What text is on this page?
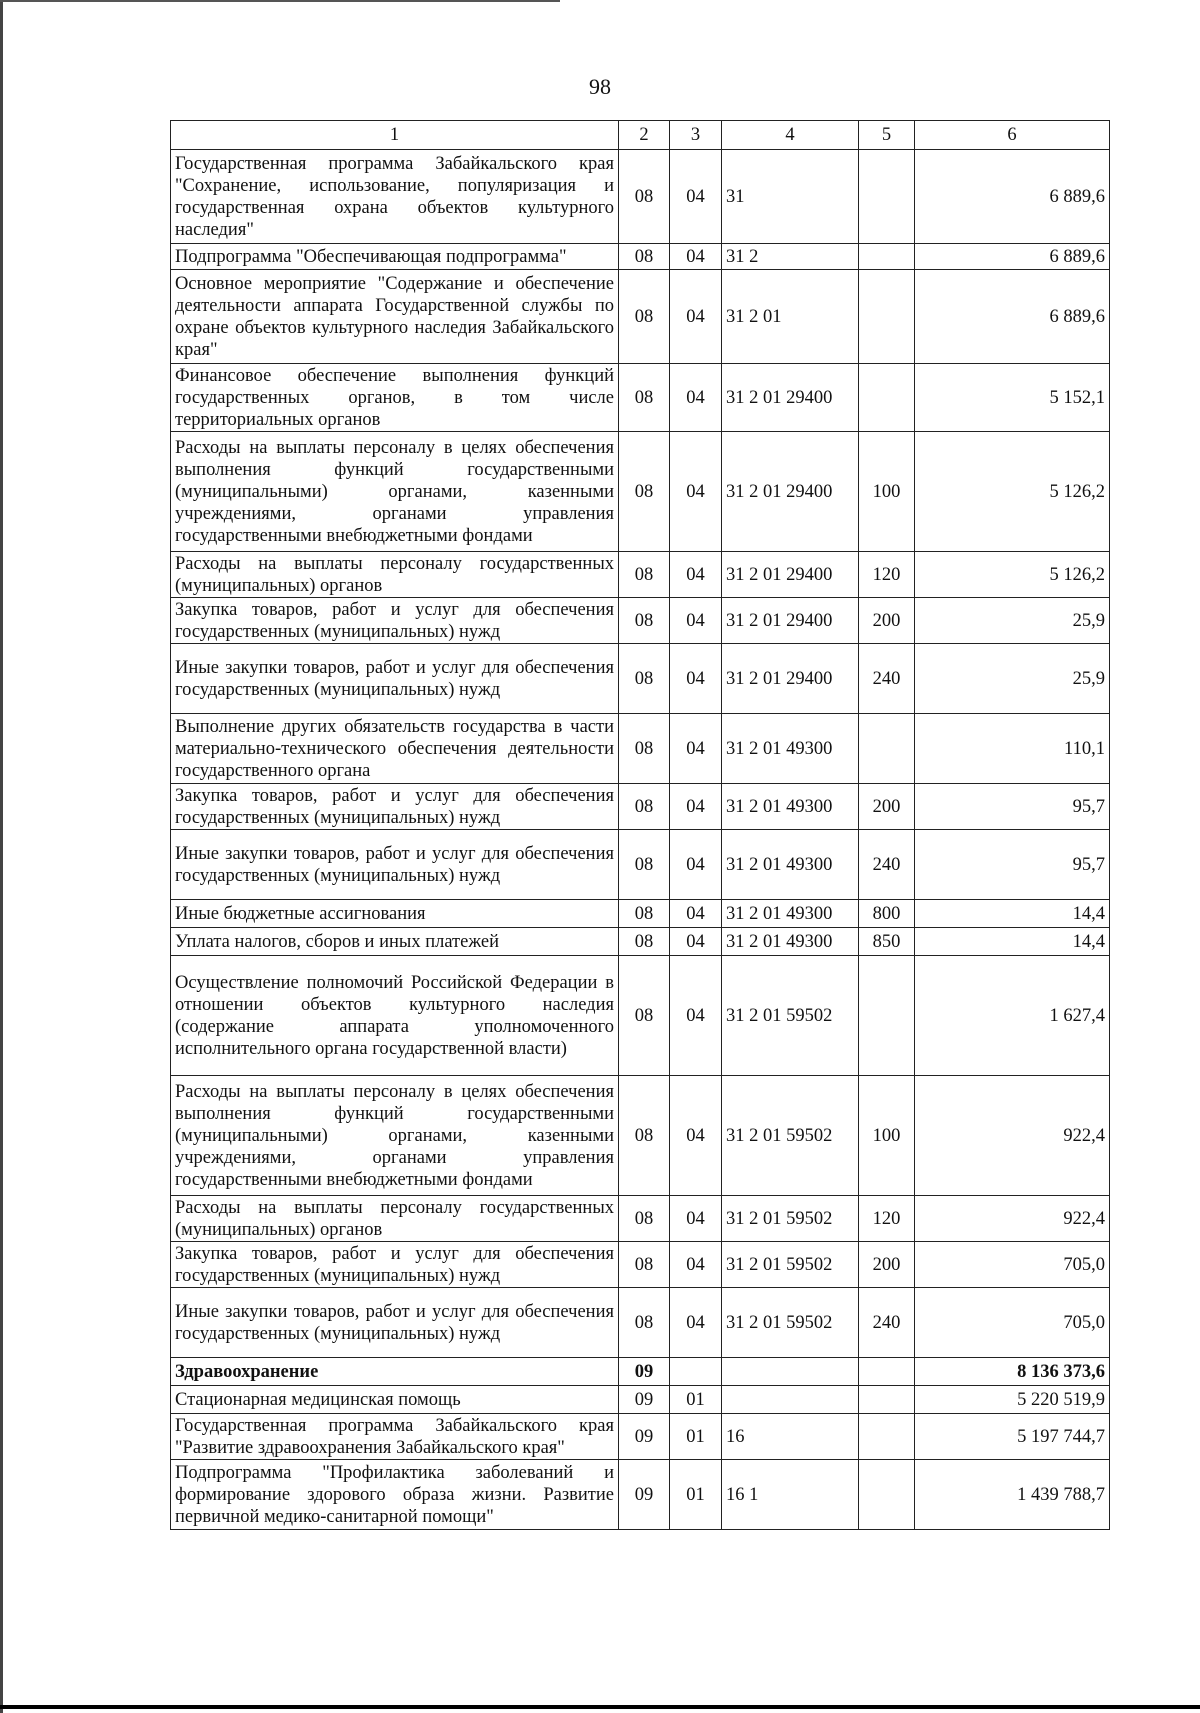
98
1	2	3	4	5	6
Государственная программа Забайкальского края "Сохранение, использование, популяризация и государственная охрана объектов культурного наследия"	08	04	31		6 889,6
Подпрограмма "Обеспечивающая подпрограмма"	08	04	31 2		6 889,6
Основное мероприятие "Содержание и обеспечение деятельности аппарата Государственной службы по охране объектов культурного наследия Забайкальского края"	08	04	31 2 01		6 889,6
Финансовое обеспечение выполнения функций государственных органов, в том числе территориальных органов	08	04	31 2 01 29400		5 152,1
Расходы на выплаты персоналу в целях обеспечения выполнения функций государственными (муниципальными) органами, казенными учреждениями, органами управления государственными внебюджетными фондами	08	04	31 2 01 29400	100	5 126,2
Расходы на выплаты персоналу государственных (муниципальных) органов	08	04	31 2 01 29400	120	5 126,2
Закупка товаров, работ и услуг для обеспечения государственных (муниципальных) нужд	08	04	31 2 01 29400	200	25,9
Иные закупки товаров, работ и услуг для обеспечения государственных (муниципальных) нужд	08	04	31 2 01 29400	240	25,9
Выполнение других обязательств государства в части материально-технического обеспечения деятельности государственного органа	08	04	31 2 01 49300		110,1
Закупка товаров, работ и услуг для обеспечения государственных (муниципальных) нужд	08	04	31 2 01 49300	200	95,7
Иные закупки товаров, работ и услуг для обеспечения государственных (муниципальных) нужд	08	04	31 2 01 49300	240	95,7
Иные бюджетные ассигнования	08	04	31 2 01 49300	800	14,4
Уплата налогов, сборов и иных платежей	08	04	31 2 01 49300	850	14,4
Осуществление полномочий Российской Федерации в отношении объектов культурного наследия (содержание аппарата уполномоченного исполнительного органа государственной власти)	08	04	31 2 01 59502		1 627,4
Расходы на выплаты персоналу в целях обеспечения выполнения функций государственными (муниципальными) органами, казенными учреждениями, органами управления государственными внебюджетными фондами	08	04	31 2 01 59502	100	922,4
Расходы на выплаты персоналу государственных (муниципальных) органов	08	04	31 2 01 59502	120	922,4
Закупка товаров, работ и услуг для обеспечения государственных (муниципальных) нужд	08	04	31 2 01 59502	200	705,0
Иные закупки товаров, работ и услуг для обеспечения государственных (муниципальных) нужд	08	04	31 2 01 59502	240	705,0
Здравоохранение	09				8 136 373,6
Стационарная медицинская помощь	09	01			5 220 519,9
Государственная программа Забайкальского края "Развитие здравоохранения Забайкальского края"	09	01	16		5 197 744,7
Подпрограмма "Профилактика заболеваний и формирование здорового образа жизни. Развитие первичной медико-санитарной помощи"	09	01	16 1		1 439 788,7
